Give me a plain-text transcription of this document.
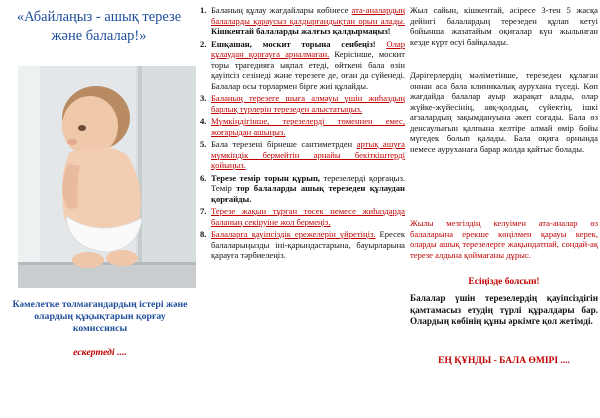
«Абайлаңыз - ашық терезе және балалар!»
Кәмелетке толмағандардың істері және олардың құқықтарын қорғау комиссиясы
ескертеді ....
1. Баланың құлау жағдайлары көбінесе ата-аналардың балаларды қараусыз қалдырғандықтан орын алады. Кішкентай балаларды жалғыз қалдырмаңыз!
2. Ешқашан, москит торына сенбеңіз! Олар құлаудан қорғауға арналмаған. Керісінше, москит торы трагедияға ықпал етеді, өйткені бала өзін қауіпсіз сезінеді және терезеге де, оған да сүйенеді. Балалар осы торлармен бірге жиі құлайды.
3. Баланың терезеге шыға алмауы үшін жиһаздың барлық түрлерін терезеден алыстатыңыз.
4. Мүмкіндігінше, терезелерді төменнен емес, жоғарыдан ашыңыз.
5. Бала терезені бірнеше сантиметрден артық ашуға мүмкіндік бермейтін арнайы бекіткіштерді қойыңыз.
6. Терезе темір торын құрып, терезелерді қорғаңыз. Темір тор балаларды ашық терезеден құлаудан қорғайды.
7. Терезе жақын тұрған төсек немесе жиһаздарда баланың секіруіне жол бермеңіз.
8. Балаларға қауіпсіздік ережелерін үйретіңіз. Ересек балаларыңызды іні-қарындастарына, бауырларына қарауға тәрбиелеңіз.
Жыл сайын, кішкентай, әсіресе 3-тен 5 жасқа дейінгі балалардың терезеден құлап кетуі бойынша жазатайым оқиғалар күн жылынған кезде күрт өсуі байқалады.
Дәрігерлердің мәліметінше, терезеден құлаған оннан аса бала клиникалық аурухана түседі. Көп жағдайда балалар ауыр жарақат алады, олар жүйке-жүйесінің, аяқ-қолдың, сүйектің, ішкі ағзалардың зақымдануына әкеп соғады. Бала өз денсаулығын қалпына келтіре алмай өмір бойы мүгедек болып қалады. Бала оқиға орнында немесе ауруханаға барар жолда қайтыс болады.
Жылы мезгілдің келуімен ата-аналар өз балаларына ерекше көңілмен қарауы керек, оларды ашық терезелерге жақындатпай, сондай-ақ терезе алдына қоймағаны дұрыс.
Есіңізде болсын!
Балалар үшін терезелердің қауіпсіздігін қамтамасыз етудің түрлі құралдары бар. Олардың көбінің құны әркімге қол жетімді.
ЕҢ ҚҰНДЫ - БАЛА ӨМІРІ ....
